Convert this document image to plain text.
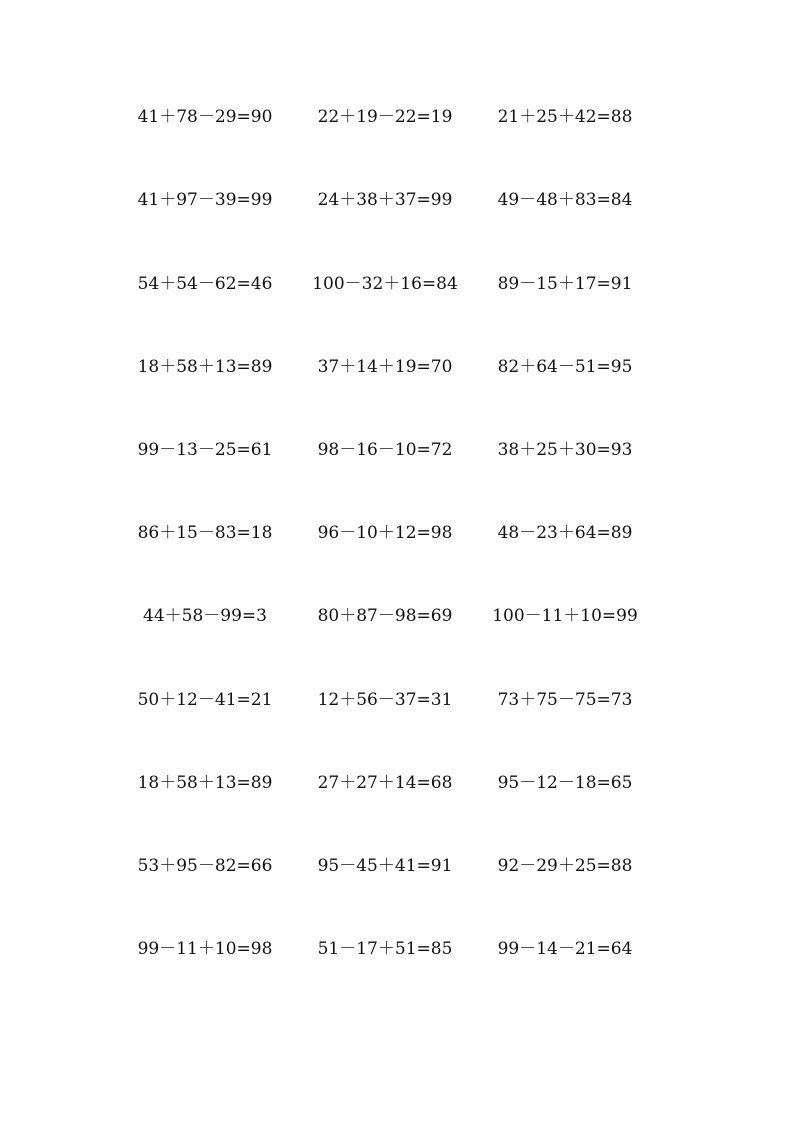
41＋78－29=90	22＋19－22=19	21＋25＋42=88
41＋97－39=99	24＋38＋37=99	49－48＋83=84
54＋54－62=46	100－32＋16=84	89－15＋17=91
18＋58＋13=89	37＋14＋19=70	82＋64－51=95
99－13－25=61	98－16－10=72	38＋25＋30=93
86＋15－83=18	96－10＋12=98	48－23＋64=89
44＋58－99=3	80＋87－98=69	100－11＋10=99
50＋12－41=21	12＋56－37=31	73＋75－75=73
18＋58＋13=89	27＋27＋14=68	95－12－18=65
53＋95－82=66	95－45＋41=91	92－29＋25=88
99－11＋10=98	51－17＋51=85	99－14－21=64
